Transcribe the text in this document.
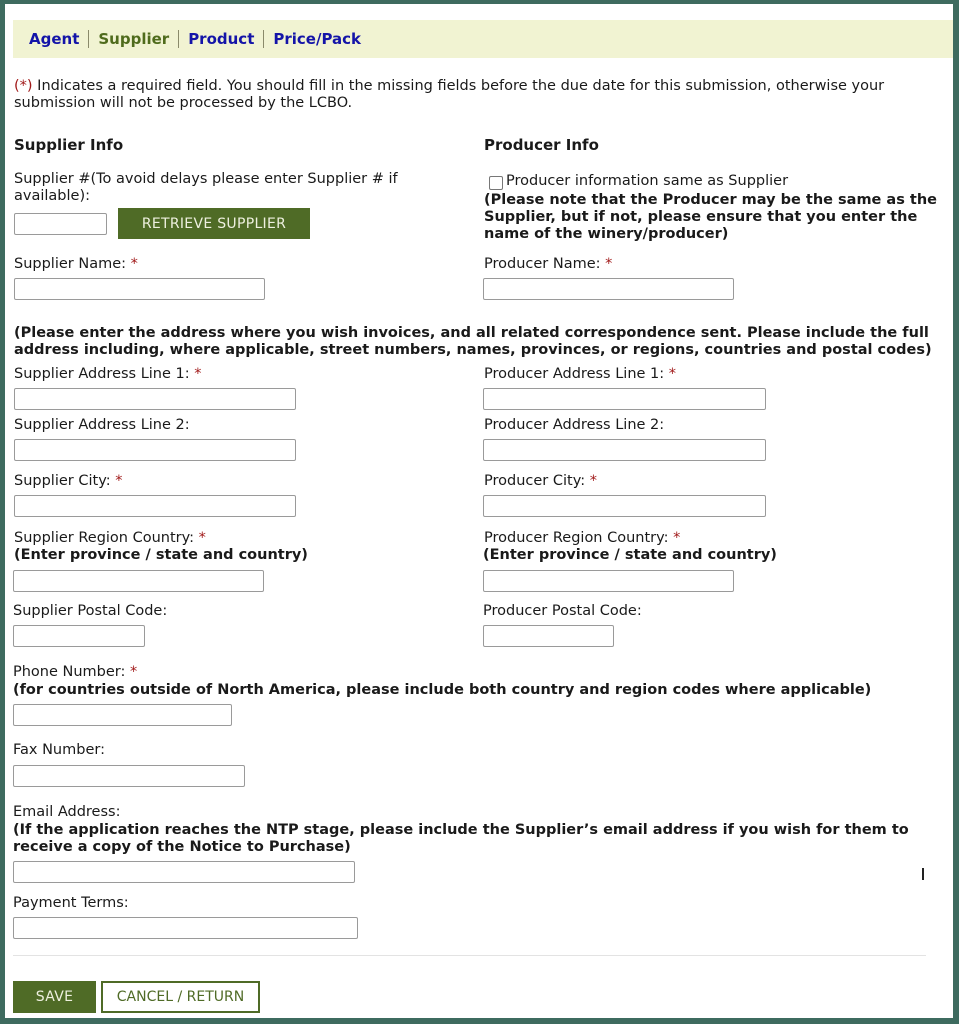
Agent Supplier Product Price/Pack
(*) Indicates a required field. You should fill in the missing fields before the due date for this submission, otherwise your submission will not be processed by the LCBO.
Supplier Info
Supplier #(To avoid delays please enter Supplier # if available):
RETRIEVE SUPPLIER
Supplier Name: *
Producer Info
Producer information same as Supplier
(Please note that the Producer may be the same as the Supplier, but if not, please ensure that you enter the name of the winery/producer)
Producer Name: *
(Please enter the address where you wish invoices, and all related correspondence sent. Please include the full address including, where applicable, street numbers, names, provinces, or regions, countries and postal codes)
Supplier Address Line 1: *	Producer Address Line 1: *
Supplier Address Line 2:	Producer Address Line 2:
Supplier City: *	Producer City: *
Supplier Region Country: *
(Enter province / state and country)
Producer Region Country: *
(Enter province / state and country)
Supplier Postal Code:	Producer Postal Code:
Phone Number: *
(for countries outside of North America, please include both country and region codes where applicable)
Fax Number:
Email Address:
(If the application reaches the NTP stage, please include the Supplier’s email address if you wish for them to receive a copy of the Notice to Purchase)
Payment Terms:
SAVE	CANCEL / RETURN
